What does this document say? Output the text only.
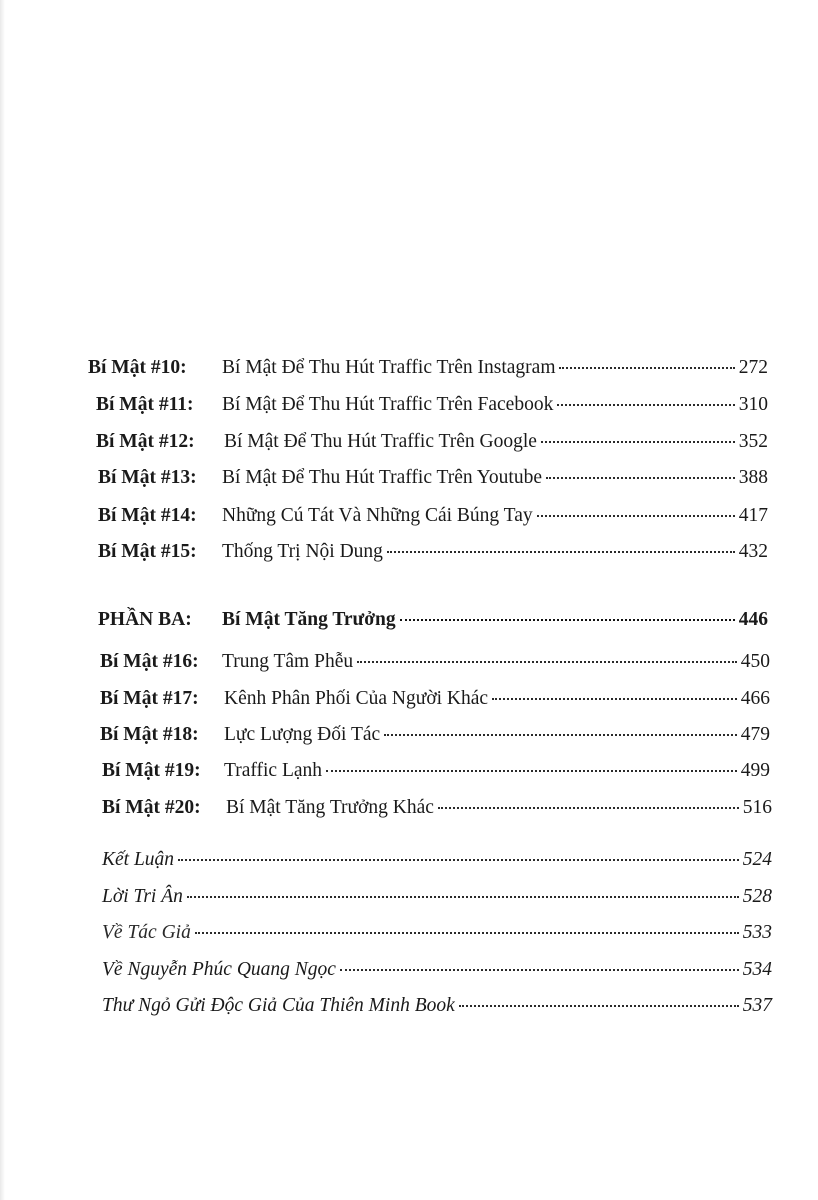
Bí Mật #10:	Bí Mật Để Thu Hút Traffic Trên Instagram	272
Bí Mật #11:	Bí Mật Để Thu Hút Traffic Trên Facebook	310
Bí Mật #12:	Bí Mật Để Thu Hút Traffic Trên Google	352
Bí Mật #13:	Bí Mật Để Thu Hút Traffic Trên Youtube	388
Bí Mật #14:	Những Cú Tát Và Những Cái Búng Tay	417
Bí Mật #15:	Thống Trị Nội Dung	432
PHẦN BA:	Bí Mật Tăng Trưởng	446
Bí Mật #16:	Trung Tâm Phễu	450
Bí Mật #17:	Kênh Phân Phối Của Người Khác	466
Bí Mật #18:	Lực Lượng Đối Tác	479
Bí Mật #19:	Traffic Lạnh	499
Bí Mật #20:	Bí Mật Tăng Trưởng Khác	516
Kết Luận	524
Lời Tri Ân	528
Về Tác Giả	533
Về Nguyễn Phúc Quang Ngọc	534
Thư Ngỏ Gửi Độc Giả Của Thiên Minh Book	537
